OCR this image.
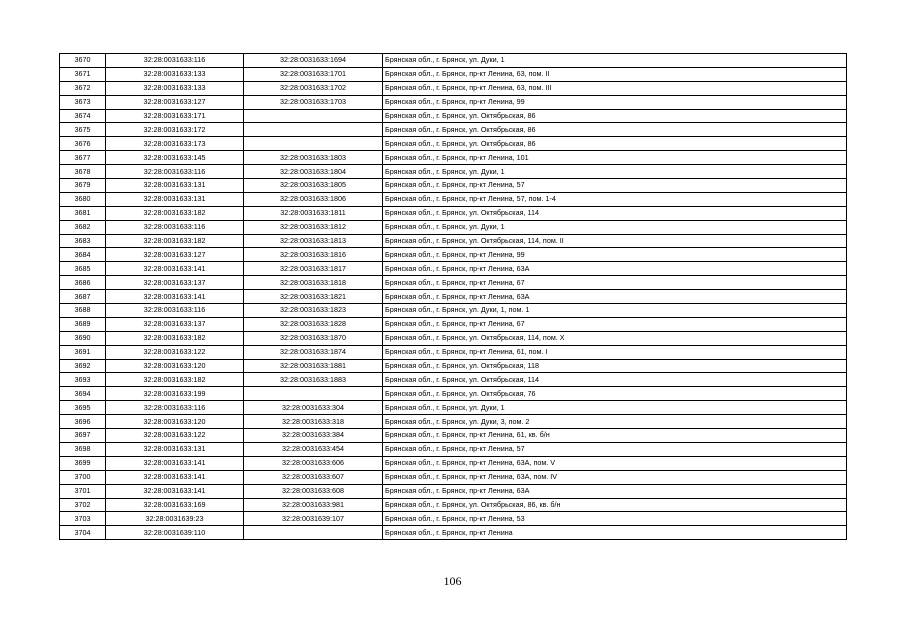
3670	32:28:0031633:116	32:28:0031633:1694	Брянская обл., г. Брянск, ул. Дуки, 1
3671	32:28:0031633:133	32:28:0031633:1701	Брянская обл., г. Брянск, пр-кт Ленина, 63, пом. II
3672	32:28:0031633:133	32:28:0031633:1702	Брянская обл., г. Брянск, пр-кт Ленина, 63, пом. III
3673	32:28:0031633:127	32:28:0031633:1703	Брянская обл., г. Брянск, пр-кт Ленина, 99
3674	32:28:0031633:171		Брянская обл., г. Брянск, ул. Октябрьская, 86
3675	32:28:0031633:172		Брянская обл., г. Брянск, ул. Октябрьская, 86
3676	32:28:0031633:173		Брянская обл., г. Брянск, ул. Октябрьская, 86
3677	32:28:0031633:145	32:28:0031633:1803	Брянская обл., г. Брянск, пр-кт Ленина, 101
3678	32:28:0031633:116	32:28:0031633:1804	Брянская обл., г. Брянск, ул. Дуки, 1
3679	32:28:0031633:131	32:28:0031633:1805	Брянская обл., г. Брянск, пр-кт Ленина, 57
3680	32:28:0031633:131	32:28:0031633:1806	Брянская обл., г. Брянск, пр-кт Ленина, 57, пом. 1-4
3681	32:28:0031633:182	32:28:0031633:1811	Брянская обл., г. Брянск, ул. Октябрьская, 114
3682	32:28:0031633:116	32:28:0031633:1812	Брянская обл., г. Брянск, ул. Дуки, 1
3683	32:28:0031633:182	32:28:0031633:1813	Брянская обл., г. Брянск, ул. Октябрьская, 114, пом. II
3684	32:28:0031633:127	32:28:0031633:1816	Брянская обл., г. Брянск, пр-кт Ленина, 99
3685	32:28:0031633:141	32:28:0031633:1817	Брянская обл., г. Брянск, пр-кт Ленина, 63А
3686	32:28:0031633:137	32:28:0031633:1818	Брянская обл., г. Брянск, пр-кт Ленина, 67
3687	32:28:0031633:141	32:28:0031633:1821	Брянская обл., г. Брянск, пр-кт Ленина, 63А
3688	32:28:0031633:116	32:28:0031633:1823	Брянская обл., г. Брянск, ул. Дуки, 1, пом. 1
3689	32:28:0031633:137	32:28:0031633:1828	Брянская обл., г. Брянск, пр-кт Ленина, 67
3690	32:28:0031633:182	32:28:0031633:1870	Брянская обл., г. Брянск, ул. Октябрьская, 114, пом. X
3691	32:28:0031633:122	32:28:0031633:1874	Брянская обл., г. Брянск, пр-кт Ленина, 61, пом. I
3692	32:28:0031633:120	32:28:0031633:1881	Брянская обл., г. Брянск, ул. Октябрьская, 118
3693	32:28:0031633:182	32:28:0031633:1883	Брянская обл., г. Брянск, ул. Октябрьская, 114
3694	32:28:0031633:199		Брянская обл., г. Брянск, ул. Октябрьская, 76
3695	32:28:0031633:116	32:28:0031633:304	Брянская обл., г. Брянск, ул. Дуки, 1
3696	32:28:0031633:120	32:28:0031633:318	Брянская обл., г. Брянск, ул. Дуки, 3, пом. 2
3697	32:28:0031633:122	32:28:0031633:384	Брянская обл., г. Брянск, пр-кт Ленина, 61, кв. б/н
3698	32:28:0031633:131	32:28:0031633:454	Брянская обл., г. Брянск, пр-кт Ленина, 57
3699	32:28:0031633:141	32:28:0031633:606	Брянская обл., г. Брянск, пр-кт Ленина, 63А, пом. V
3700	32:28:0031633:141	32:28:0031633:607	Брянская обл., г. Брянск, пр-кт Ленина, 63А, пом. IV
3701	32:28:0031633:141	32:28:0031633:608	Брянская обл., г. Брянск, пр-кт Ленина, 63А
3702	32:28:0031633:169	32:28:0031633:981	Брянская обл., г. Брянск, ул. Октябрьская, 86, кв. б/н
3703	32:28:0031639:23	32:28:0031639:107	Брянская обл., г. Брянск, пр-кт Ленина, 53
3704	32:28:0031639:110		Брянская обл., г. Брянск, пр-кт Ленина
106
